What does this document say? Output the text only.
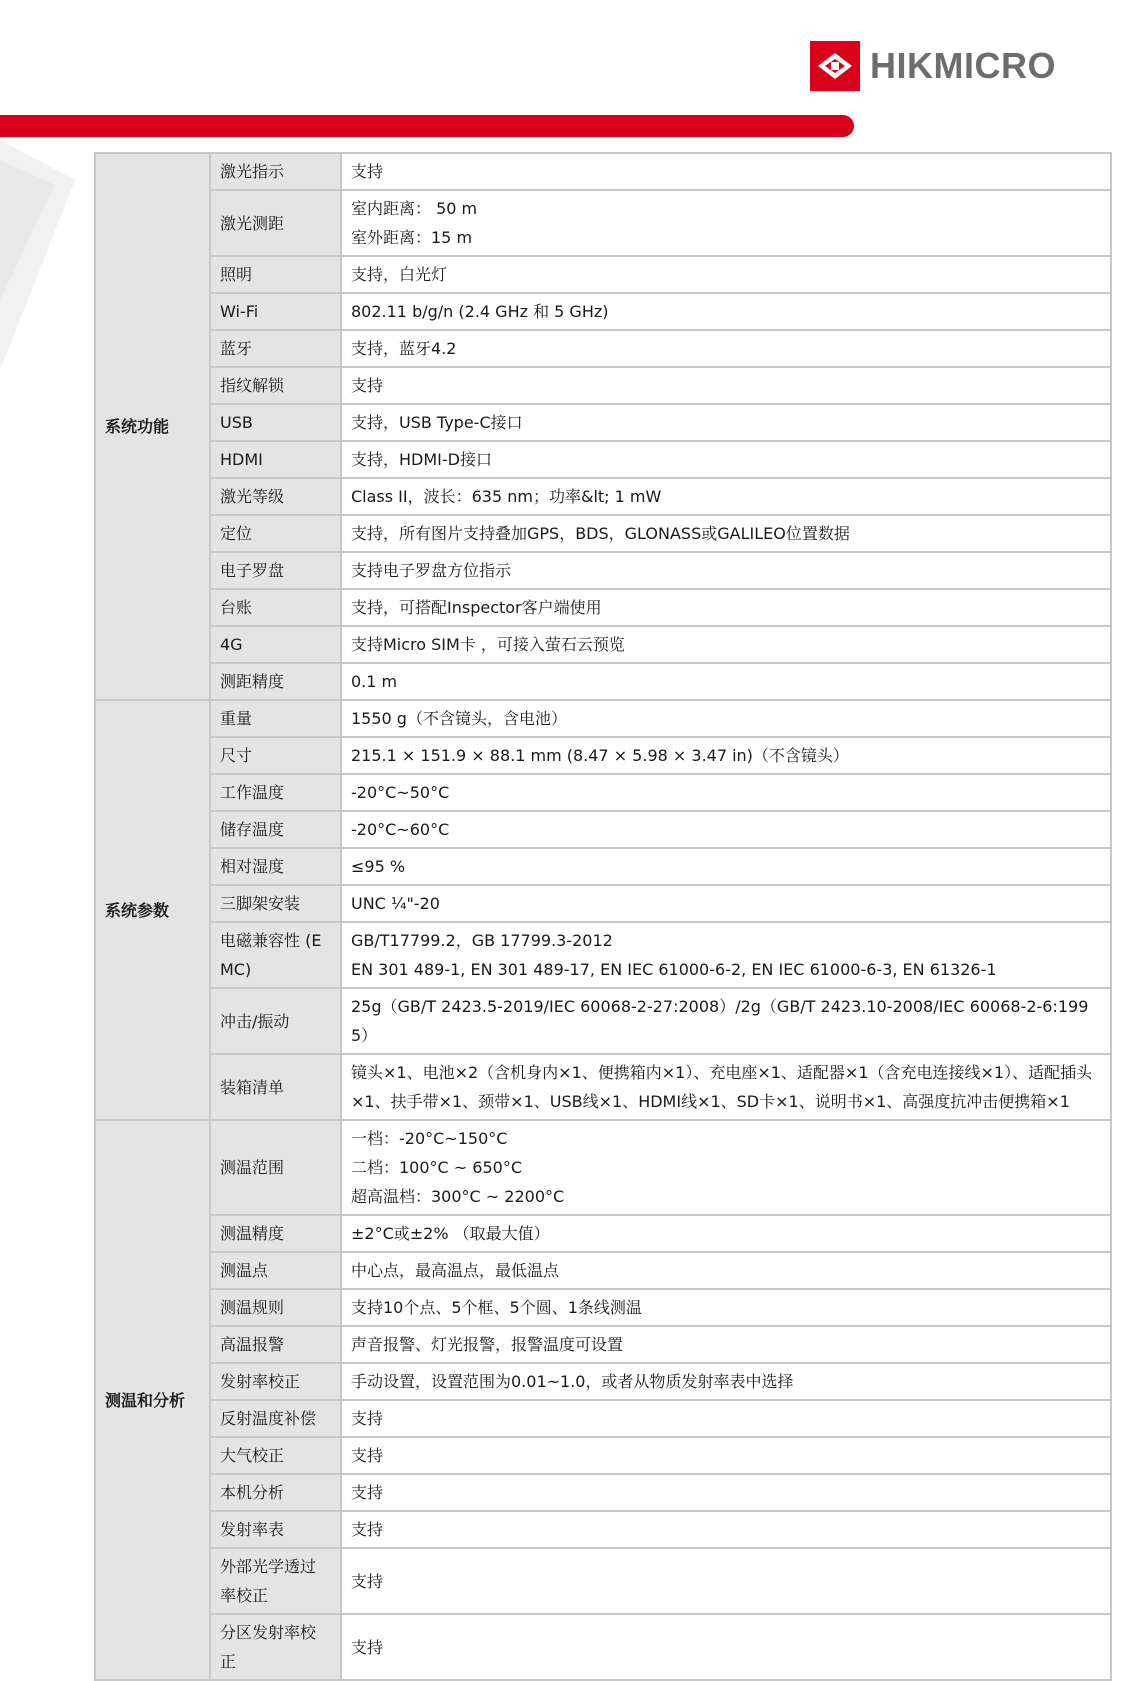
HIKMICRO
系统功能	激光指示	支持

	激光测距	室内距离： 50 m
室外距离：15 m

	照明	支持，白光灯

	Wi-Fi	802.11 b/g/n (2.4 GHz 和 5 GHz)

	蓝牙	支持，蓝牙4.2

	指纹解锁	支持

	USB	支持，USB Type-C接口

	HDMI	支持，HDMI-D接口

	激光等级	Class II，波长：635 nm；功率&lt; 1 mW

	定位	支持，所有图片支持叠加GPS，BDS，GLONASS或GALILEO位置数据

	电子罗盘	支持电子罗盘方位指示

	台账	支持，可搭配Inspector客户端使用

	4G	支持Micro SIM卡 ，可接入萤石云预览

	测距精度	0.1 m

系统参数	重量	1550 g（不含镜头，含电池）

	尺寸	215.1 × 151.9 × 88.1 mm (8.47 × 5.98 × 3.47 in)（不含镜头）

	工作温度	-20°C~50°C

	储存温度	-20°C~60°C

	相对湿度	≤95 %

	三脚架安装	UNC ¼"-20

	电磁兼容性 (EMC)	GB/T17799.2，GB 17799.3-2012
EN 301 489-1, EN 301 489-17, EN IEC 61000-6-2, EN IEC 61000-6-3, EN 61326-1

	冲击/振动	25g（GB/T 2423.5-2019/IEC 60068-2-27:2008）/2g（GB/T 2423.10-2008/IEC 60068-2-6:1995）

	装箱清单	镜头×1、电池×2（含机身内×1、便携箱内×1）、充电座×1、适配器×1（含充电连接线×1）、适配插头×1、扶手带×1、颈带×1、USB线×1、HDMI线×1、SD卡×1、说明书×1、高强度抗冲击便携箱×1

测温和分析	测温范围	一档：-20°C~150°C
二档：100°C ~ 650°C
超高温档：300°C ~ 2200°C

	测温精度	±2°C或±2% （取最大值）

	测温点	中心点，最高温点，最低温点

	测温规则	支持10个点、5个框、5个圆、1条线测温

	高温报警	声音报警、灯光报警，报警温度可设置

	发射率校正	手动设置，设置范围为0.01~1.0，或者从物质发射率表中选择

	反射温度补偿	支持

	大气校正	支持

	本机分析	支持

	发射率表	支持

	外部光学透过率校正	支持

	分区发射率校正	支持
